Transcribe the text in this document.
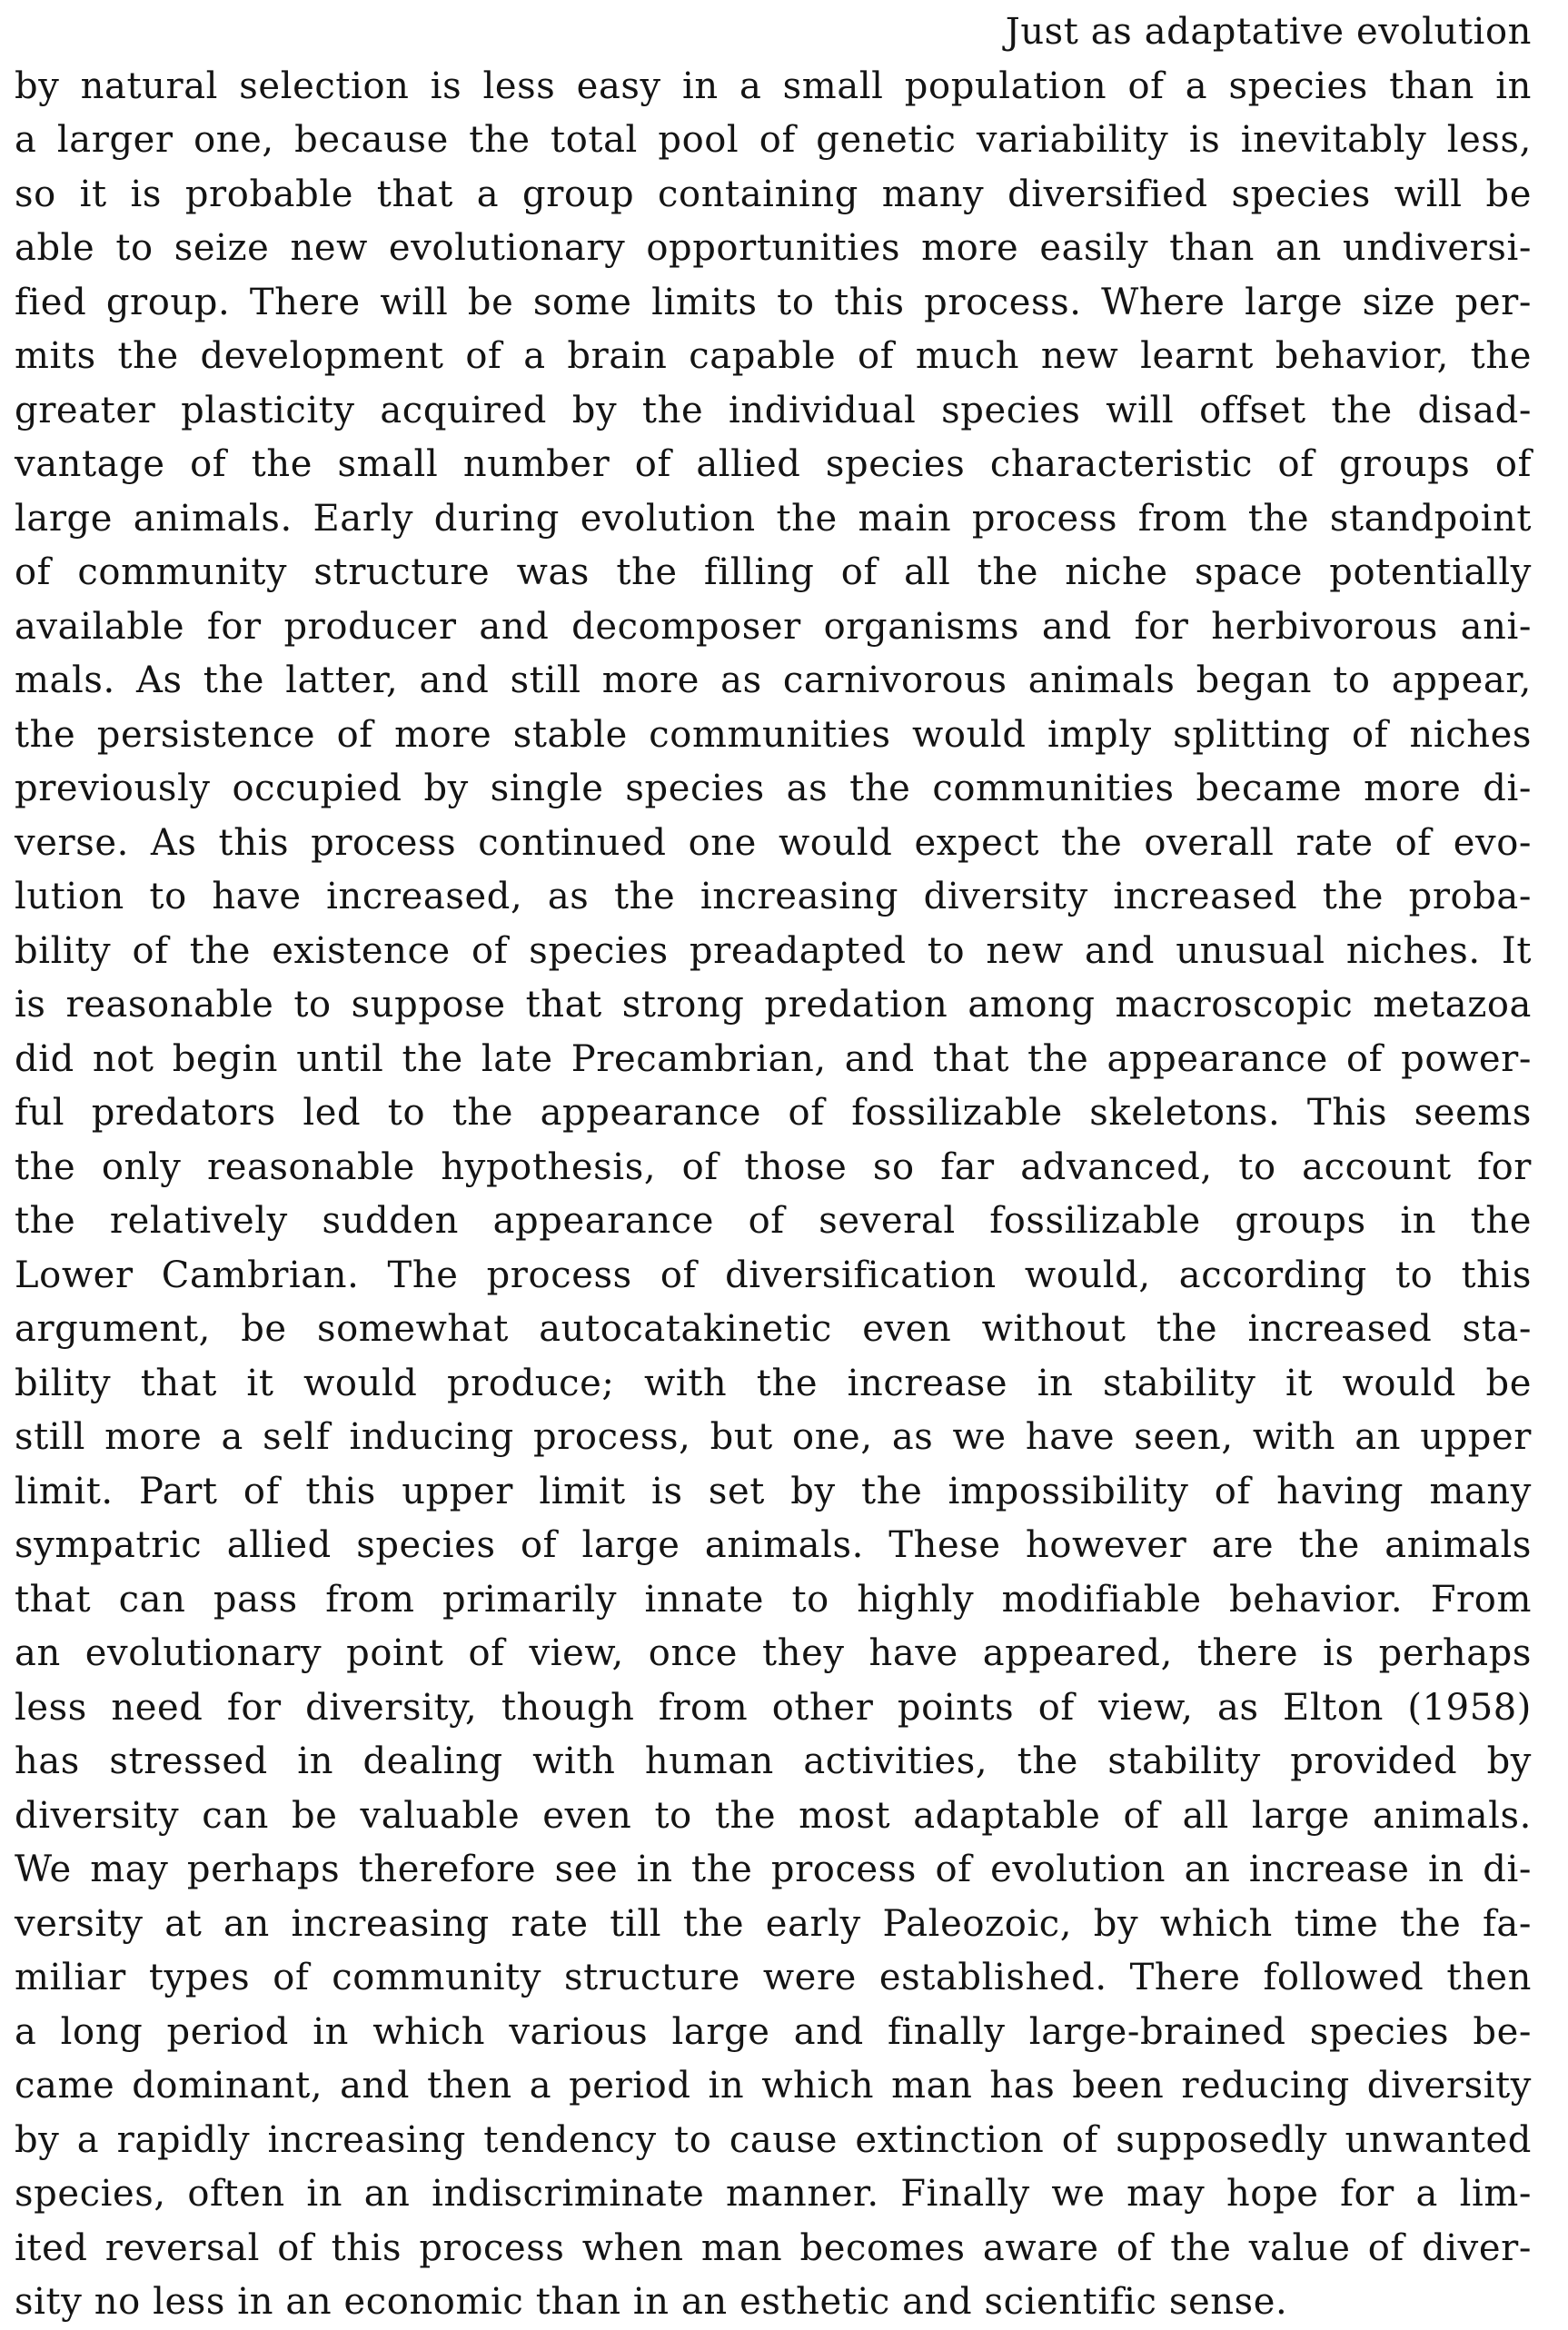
Just as adaptative evolution
by natural selection is less easy in a small population of a species than in
a larger one, because the total pool of genetic variability is inevitably less,
so it is probable that a group containing many diversified species will be
able to seize new evolutionary opportunities more easily than an undiversi-
fied group. There will be some limits to this process. Where large size per-
mits the development of a brain capable of much new learnt behavior, the
greater plasticity acquired by the individual species will offset the disad-
vantage of the small number of allied species characteristic of groups of
large animals. Early during evolution the main process from the standpoint
of community structure was the filling of all the niche space potentially
available for producer and decomposer organisms and for herbivorous ani-
mals. As the latter, and still more as carnivorous animals began to appear,
the persistence of more stable communities would imply splitting of niches
previously occupied by single species as the communities became more di-
verse. As this process continued one would expect the overall rate of evo-
lution to have increased, as the increasing diversity increased the proba-
bility of the existence of species preadapted to new and unusual niches. It
is reasonable to suppose that strong predation among macroscopic metazoa
did not begin until the late Precambrian, and that the appearance of power-
ful predators led to the appearance of fossilizable skeletons. This seems
the only reasonable hypothesis, of those so far advanced, to account for
the relatively sudden appearance of several fossilizable groups in the
Lower Cambrian. The process of diversification would, according to this
argument, be somewhat autocatakinetic even without the increased sta-
bility that it would produce; with the increase in stability it would be
still more a self inducing process, but one, as we have seen, with an upper
limit. Part of this upper limit is set by the impossibility of having many
sympatric allied species of large animals. These however are the animals
that can pass from primarily innate to highly modifiable behavior. From
an evolutionary point of view, once they have appeared, there is perhaps
less need for diversity, though from other points of view, as Elton (1958)
has stressed in dealing with human activities, the stability provided by
diversity can be valuable even to the most adaptable of all large animals.
We may perhaps therefore see in the process of evolution an increase in di-
versity at an increasing rate till the early Paleozoic, by which time the fa-
miliar types of community structure were established. There followed then
a long period in which various large and finally large-brained species be-
came dominant, and then a period in which man has been reducing diversity
by a rapidly increasing tendency to cause extinction of supposedly unwanted
species, often in an indiscriminate manner. Finally we may hope for a lim-
ited reversal of this process when man becomes aware of the value of diver-
sity no less in an economic than in an esthetic and scientific sense.
